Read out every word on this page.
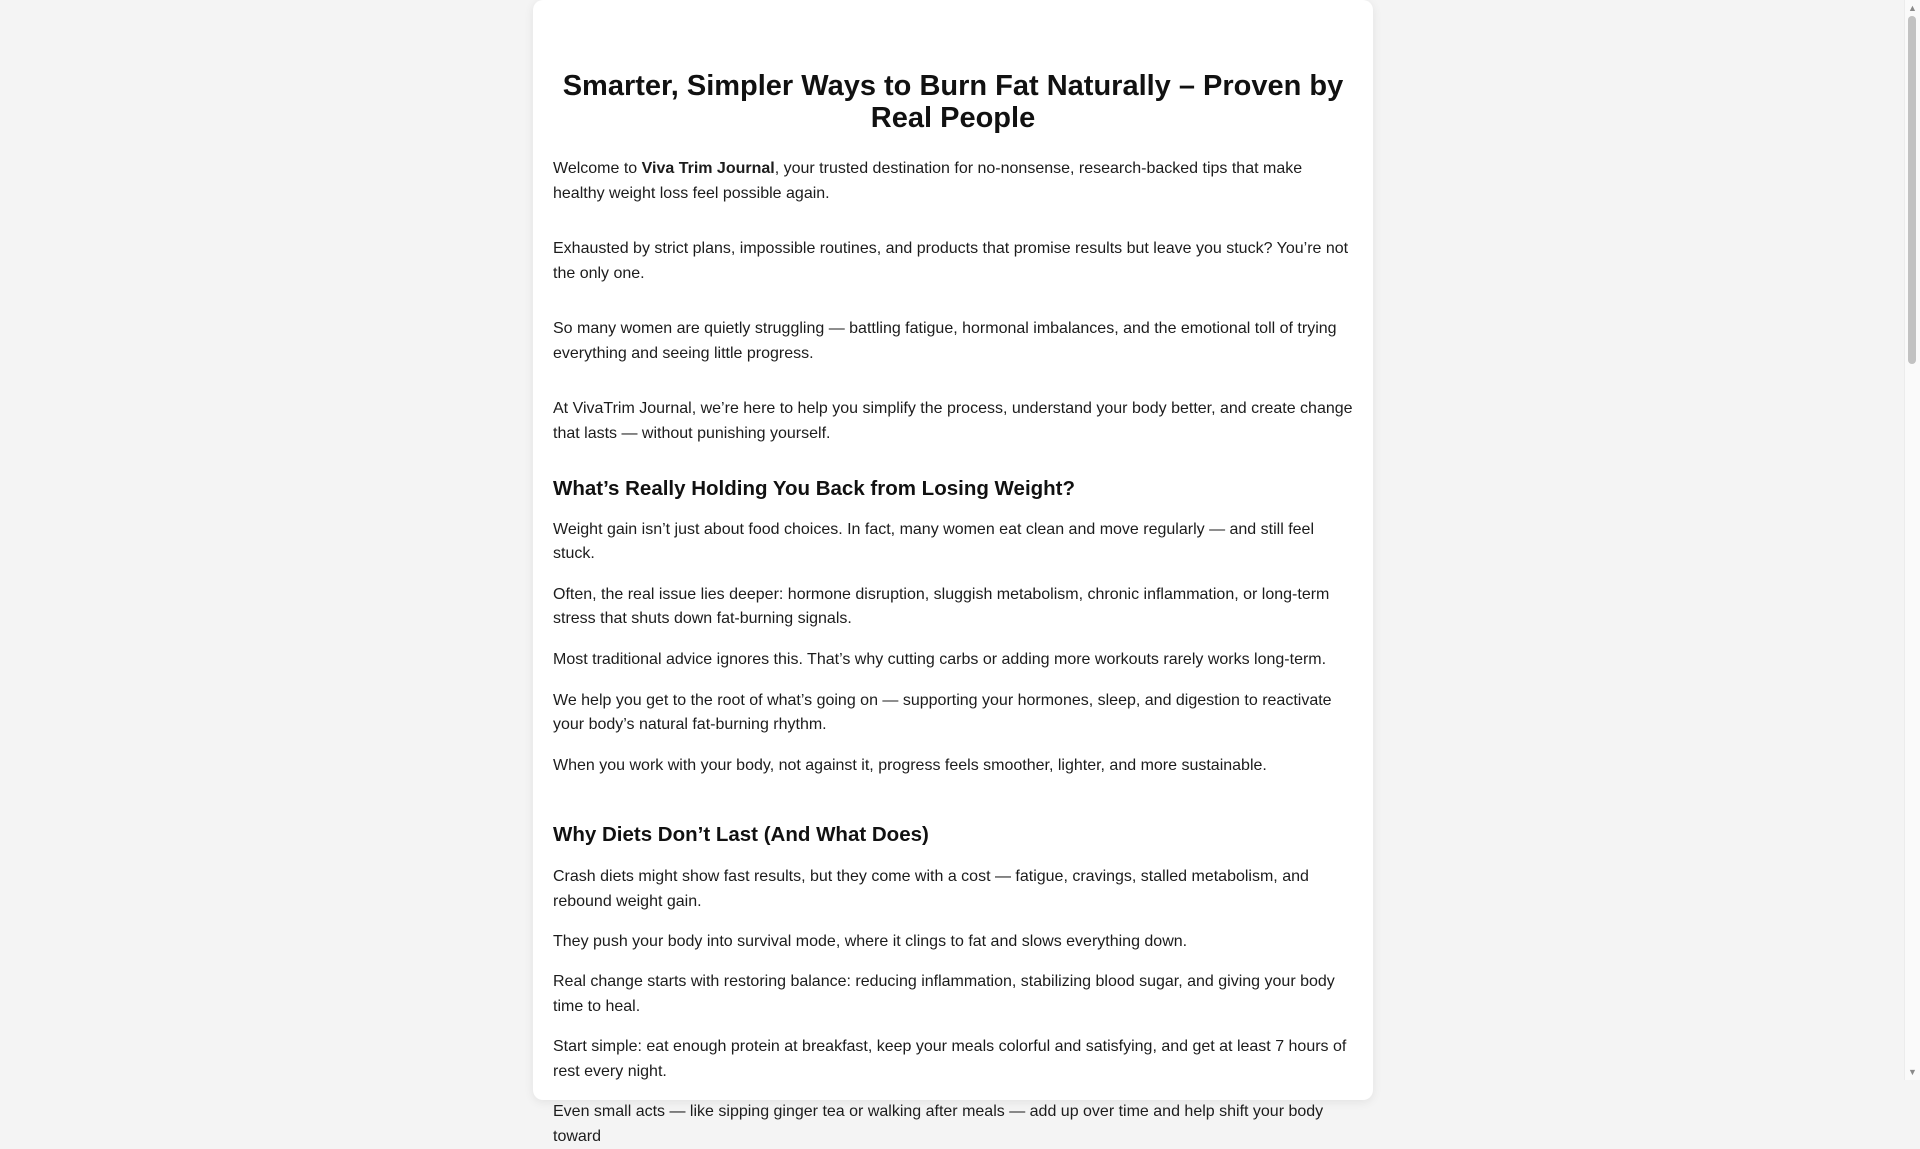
Smarter, Simpler Ways to Burn Fat Naturally – Proven by Real People

Welcome to Viva Trim Journal, your trusted destination for no-nonsense, research-backed tips that make healthy weight loss feel possible again.

Exhausted by strict plans, impossible routines, and products that promise results but leave you stuck? You’re not the only one.

So many women are quietly struggling — battling fatigue, hormonal imbalances, and the emotional toll of trying everything and seeing little progress.

At VivaTrim Journal, we’re here to help you simplify the process, understand your body better, and create change that lasts — without punishing yourself.

What’s Really Holding You Back from Losing Weight?

Weight gain isn’t just about food choices. In fact, many women eat clean and move regularly — and still feel stuck.

Often, the real issue lies deeper: hormone disruption, sluggish metabolism, chronic inflammation, or long-term stress that shuts down fat-burning signals.

Most traditional advice ignores this. That’s why cutting carbs or adding more workouts rarely works long-term.

We help you get to the root of what’s going on — supporting your hormones, sleep, and digestion to reactivate your body’s natural fat-burning rhythm.

When you work with your body, not against it, progress feels smoother, lighter, and more sustainable.

Why Diets Don’t Last (And What Does)

Crash diets might show fast results, but they come with a cost — fatigue, cravings, stalled metabolism, and rebound weight gain.

They push your body into survival mode, where it clings to fat and slows everything down.

Real change starts with restoring balance: reducing inflammation, stabilizing blood sugar, and giving your body time to heal.

Start simple: eat enough protein at breakfast, keep your meals colorful and satisfying, and get at least 7 hours of rest every night.

Even small acts — like sipping ginger tea or walking after meals — add up over time and help shift your body toward

▲
▼
